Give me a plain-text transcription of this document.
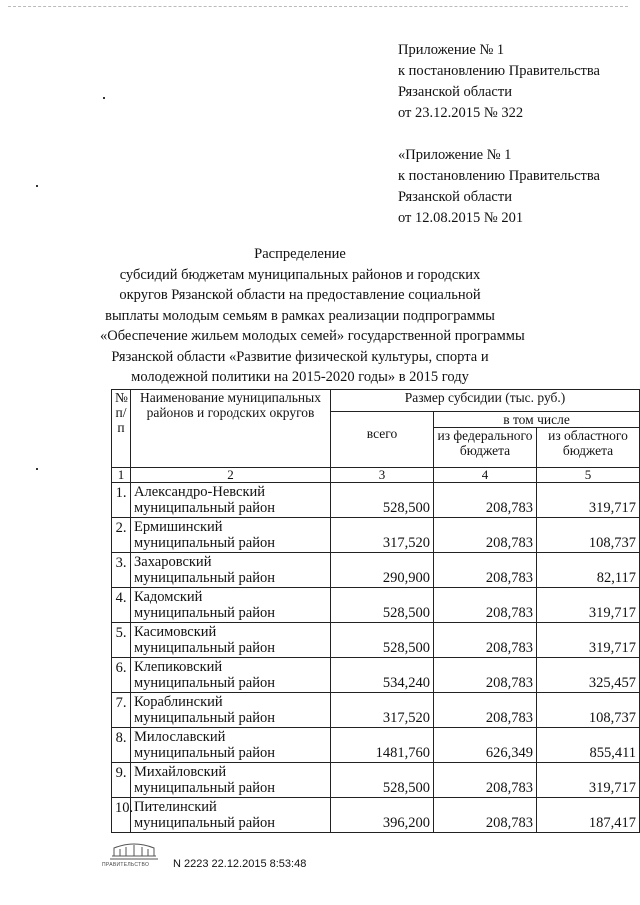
Приложение № 1
к постановлению Правительства
Рязанской области
от 23.12.2015 № 322
«Приложение № 1
к постановлению Правительства
Рязанской области
от 12.08.2015 № 201
Распределение
субсидий бюджетам муниципальных районов и городских
округов Рязанской области на предоставление социальной
выплаты молодым семьям в рамках реализации подпрограммы
«Обеспечение жильем молодых семей» государственной программы
Рязанской области «Развитие физической культуры, спорта и
молодежной политики на 2015-2020 годы» в 2015 году
№ п/п	Наименование муниципальных районов и городских округов	Размер субсидии (тыс. руб.)		
		всего	в том числе	
			из федерального бюджета	из областного бюджета
1	2	3	4	5
1.	Александро-Невский
муниципальный район	528,500	208,783	319,717
2.	Ермишинский
муниципальный район	317,520	208,783	108,737
3.	Захаровский
муниципальный район	290,900	208,783	82,117
4.	Кадомский
муниципальный район	528,500	208,783	319,717
5.	Касимовский
муниципальный район	528,500	208,783	319,717
6.	Клепиковский
муниципальный район	534,240	208,783	325,457
7.	Кораблинский
муниципальный район	317,520	208,783	108,737
8.	Милославский
муниципальный район	1481,760	626,349	855,411
9.	Михайловский
муниципальный район	528,500	208,783	319,717
10.	Пителинский
муниципальный район	396,200	208,783	187,417
ПРАВИТЕЛЬСТВО N 2223 22.12.2015 8:53:48
